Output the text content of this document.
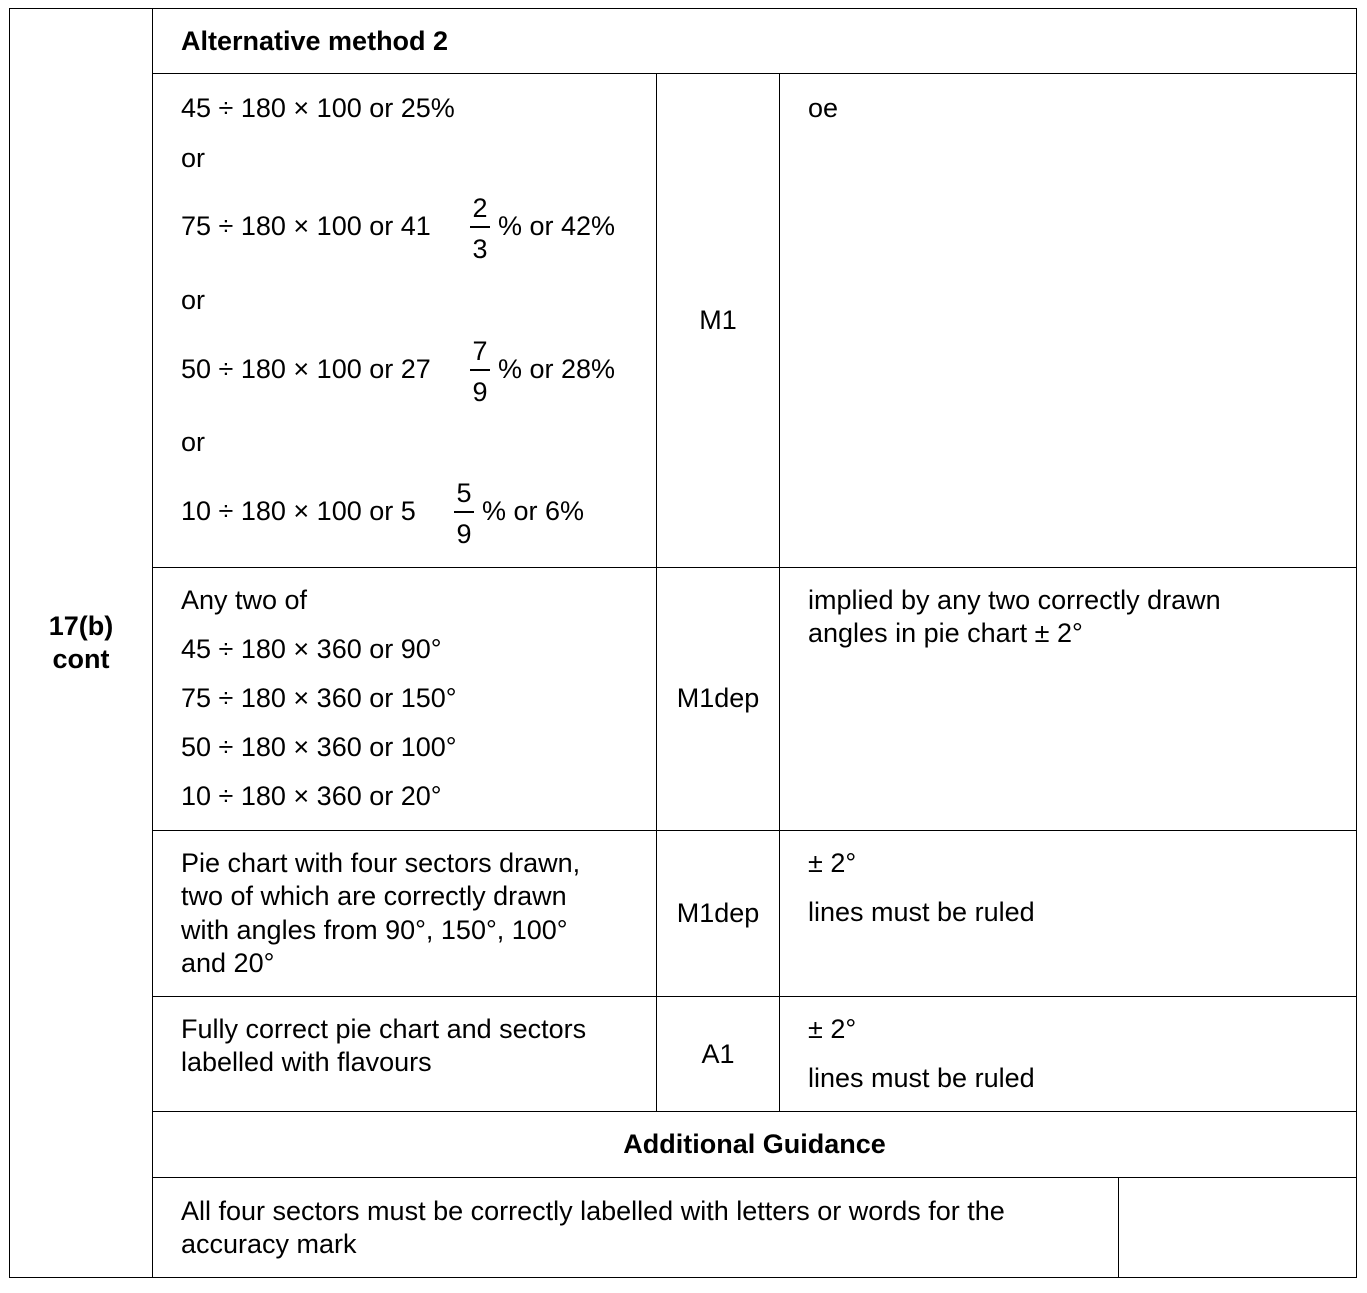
17(b)
cont
Alternative method 2
45 ÷ 180 × 100 or 25%
or
75 ÷ 180 × 100 or 41
2
3
% or 42%
or
50 ÷ 180 × 100 or 27
7
9
% or 28%
or
10 ÷ 180 × 100 or 5
5
9
% or 6%
M1
oe
Any two of
45 ÷ 180 × 360 or 90°
75 ÷ 180 × 360 or 150°
50 ÷ 180 × 360 or 100°
10 ÷ 180 × 360 or 20°
M1dep
implied by any two correctly drawn
angles in pie chart ± 2°
Pie chart with four sectors drawn,
two of which are correctly drawn
with angles from 90°, 150°, 100°
and 20°
M1dep
± 2°
lines must be ruled
Fully correct pie chart and sectors
labelled with flavours	A1
± 2°
lines must be ruled
Additional Guidance
All four sectors must be correctly labelled with letters or words for the
accuracy mark
